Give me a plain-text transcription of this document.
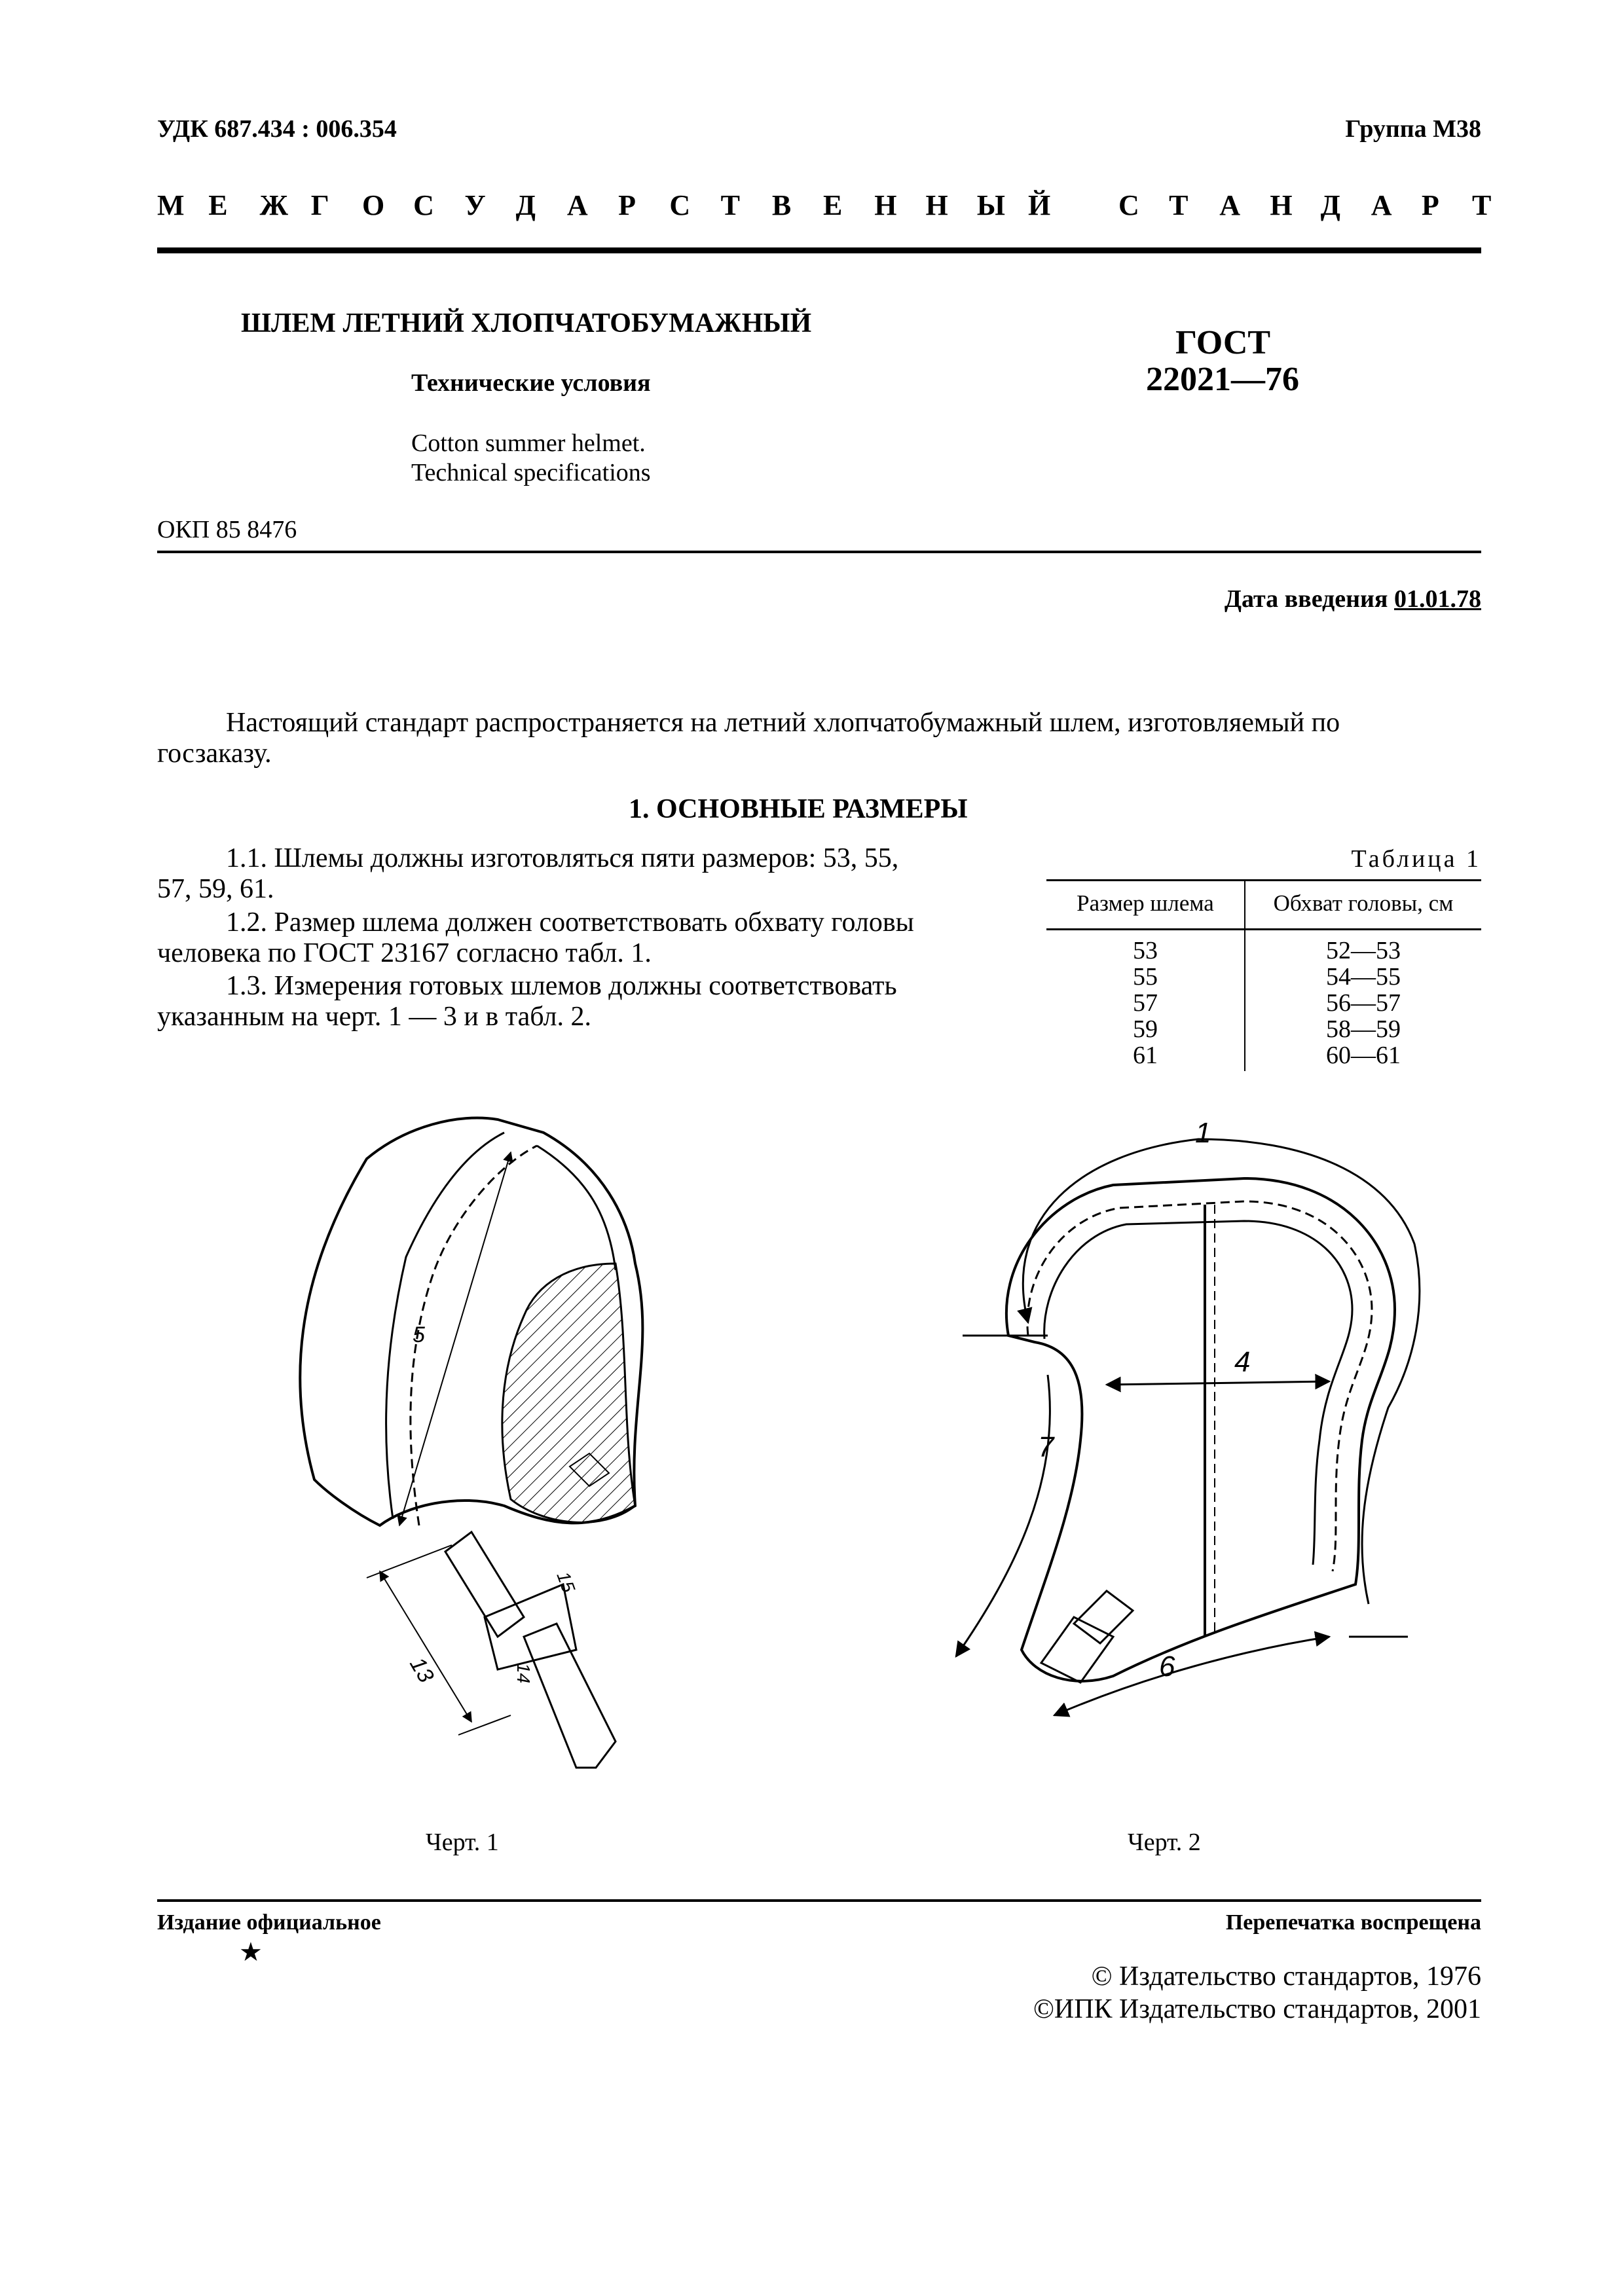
УДК 687.434 : 006.354	Группа М38
М Е Ж Г О С У Д А Р С Т В Е Н Н Ы Й С Т А Н Д А Р Т
ШЛЕМ ЛЕТНИЙ ХЛОПЧАТОБУМАЖНЫЙ
Технические условия
Cotton summer helmet.
Technical specifications
ГОСТ
22021—76
ОКП 85 8476
Дата введения 01.01.78

Настоящий стандарт распространяется на летний хлопчатобумажный шлем, изготовляемый по

госзаказу.

1. ОСНОВНЫЕ РАЗМЕРЫ

1.1. Шлемы должны изготовляться пяти размеров: 53, 55,

57, 59, 61.

1.2. Размер шлема должен соответствовать обхвату головы

человека по ГОСТ 23167 согласно табл. 1.

1.3. Измерения готовых шлемов должны соответствовать

указанным на черт. 1 — 3 и в табл. 2.

Таблица 1
Размер шлема	Обхват головы, см
53	52—53
55	54—55
57	56—57
59	58—59
61	60—61
5
13	14
15
1
4
6
7
Черт. 1	Черт. 2
Издание официальное
★
Перепечатка воспрещена
© Издательство стандартов, 1976
©ИПК Издательство стандартов, 2001
